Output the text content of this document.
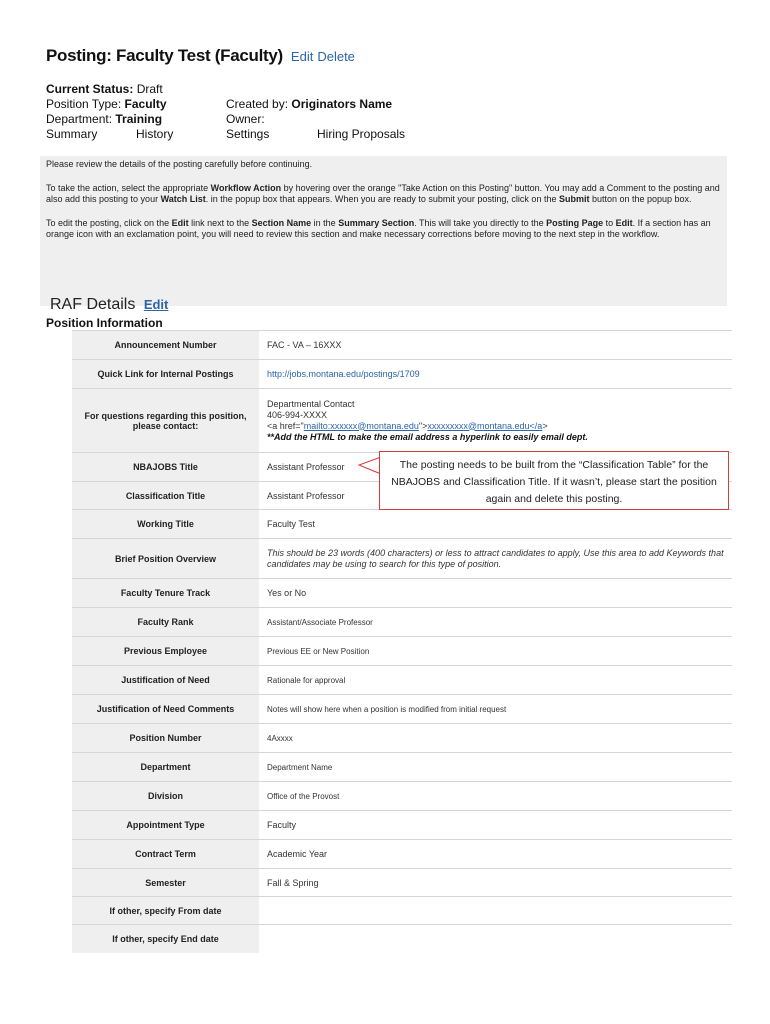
Posting: Faculty Test (Faculty) Edit Delete
Current Status: Draft
Position Type: Faculty
Department: Training
Created by: Originators Name
Owner:
Summary	History	Settings	Hiring Proposals

Please review the details of the posting carefully before continuing.

To take the action, select the appropriate Workflow Action by hovering over the orange "Take Action on this Posting" button. You may add a Comment to the posting and also add this posting to your Watch List. in the popup box that appears. When you are ready to submit your posting, click on the Submit button on the popup box.

To edit the posting, click on the Edit link next to the Section Name in the Summary Section. This will take you directly to the Posting Page to Edit. If a section has an orange icon with an exclamation point, you will need to review this section and make necessary corrections before moving to the next step in the workflow.

RAF Details Edit
Position Information
Announcement Number	FAC - VA – 16XXX
Quick Link for Internal Postings	http://jobs.montana.edu/postings/1709
For questions regarding this position, please contact:	Departmental Contact
406-994-XXXX
<a href="mailto:xxxxxx@montana.edu">xxxxxxxxx@montana.edu</a>
**Add the HTML to make the email address a hyperlink to easily email dept.

NBAJOBS Title	Assistant Professor
Classification Title	Assistant Professor
Working Title	Faculty Test
Brief Position Overview	This should be 23 words (400 characters) or less to attract candidates to apply, Use this area to add Keywords that candidates may be using to search for this type of position.
Faculty Tenure Track	Yes or No
Faculty Rank	Assistant/Associate Professor
Previous Employee	Previous EE or New Position
Justification of Need	Rationale for approval
Justification of Need Comments	Notes will show here when a position is modified from initial request
Position Number	4Axxxx
Department	Department Name
Division	Office of the Provost
Appointment Type	Faculty
Contract Term	Academic Year
Semester	Fall & Spring
If other, specify From date	
If other, specify End date	
The posting needs to be built from the “Classification Table” for the NBAJOBS and Classification Title. If it wasn’t, please start the position again and delete this posting.
